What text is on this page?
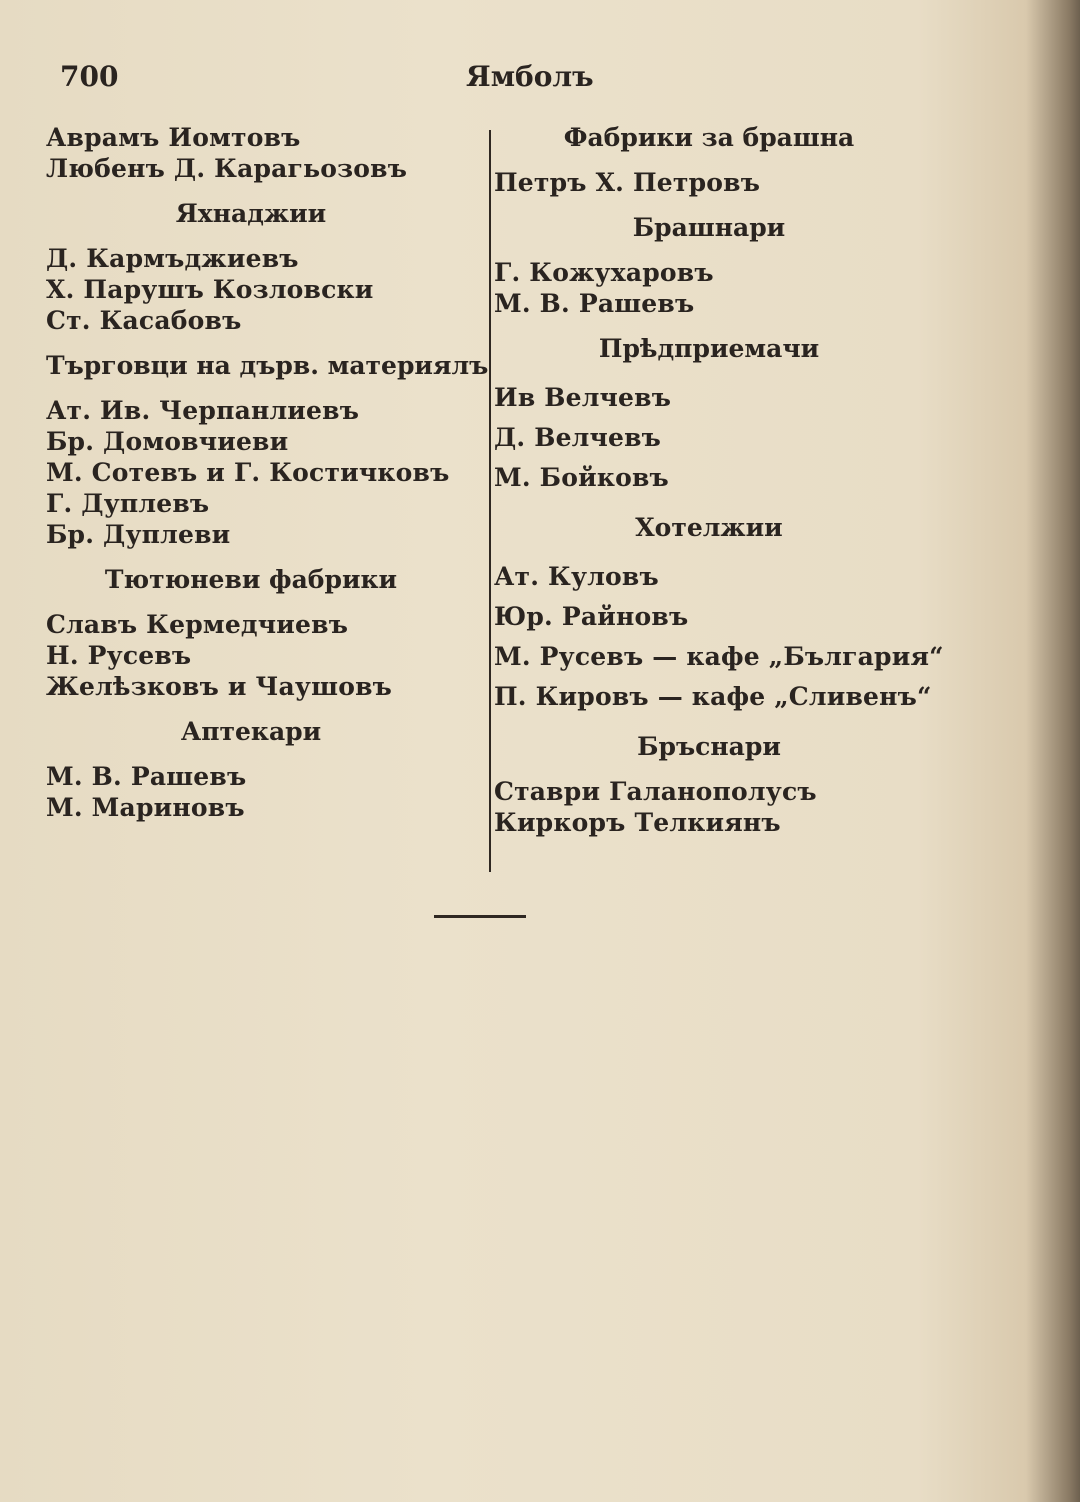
700	Ямболъ

Аврамъ Иомтовъ

Любенъ Д. Карагьозовъ

Яхнаджии

Д. Кармъджиевъ

Х. Парушъ Козловски

Ст. Касабовъ

Търговци на дърв. материялъ

Ат. Ив. Черпанлиевъ

Бр. Домовчиеви

М. Сотевъ и Г. Костичковъ

Г. Дуплевъ

Бр. Дуплеви

Тютюневи фабрики

Славъ Кермедчиевъ

Н. Русевъ

Желѣзковъ и Чаушовъ

Аптекари

М. В. Рашевъ

М. Мариновъ

Фабрики за брашна

Петръ Х. Петровъ

Брашнари

Г. Кожухаровъ

М. В. Рашевъ

Прѣдприемачи

Ив Велчевъ

Д. Велчевъ

М. Бойковъ

Хотелжии

Ат. Куловъ

Юр. Райновъ

М. Русевъ — кафе „България“

П. Кировъ — кафе „Сливенъ“

Бръснари

Ставри Галанополусъ

Киркоръ Телкиянъ
